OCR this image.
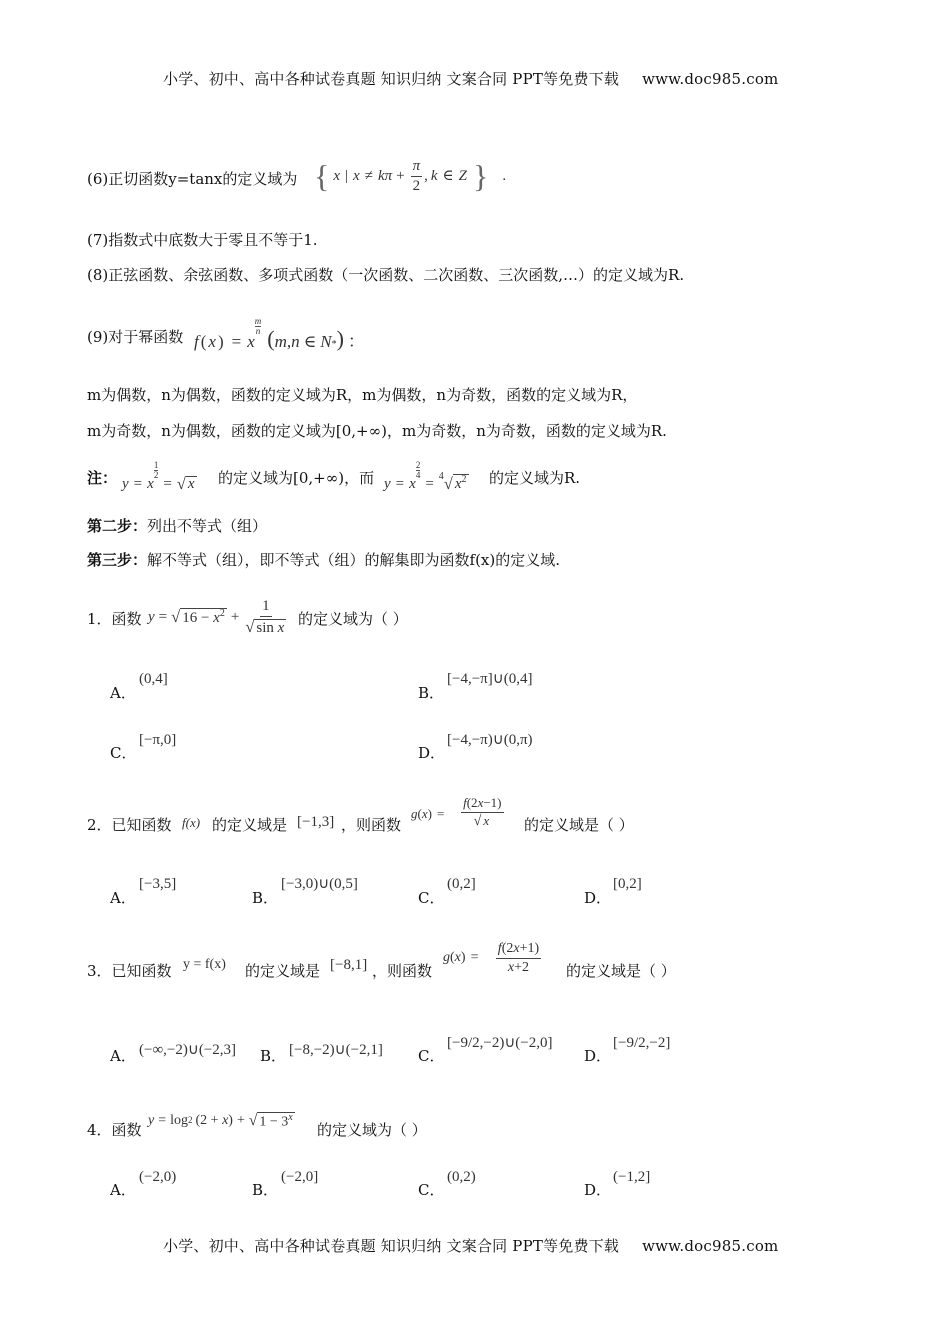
小学、初中、高中各种试卷真题 知识归纳 文案合同 PPT等免费下载 www.doc985.com
(6)正切函数y=tanx的定义域为 { x | $x \ne k\pi + \frac{\pi}{2}$ , k ∈ Z } .
(7)指数式中底数大于零且不等于1.
(8)正弦函数、余弦函数、多项式函数（一次函数、二次函数、三次函数,…）的定义域为R.
(9)对于幂函数 f ( x ) = x
m
n ( m , n ∈ $N_*$ ) ：
m为偶数，n为偶数，函数的定义域为R，m为偶数，n为奇数，函数的定义域为R，
m为奇数，n为偶数，函数的定义域为[0,+∞)，m为奇数，n为奇数，函数的定义域为R.
注： y = x
$\frac{1}{2}$
= √ x 的定义域为[0,+∞)，而 y = x
$\frac{2}{4}$
= $^4$ √ $x^2$ 的定义域为R.
第二步：列出不等式（组）
第三步：解不等式（组），即不等式（组）的解集即为函数f(x)的定义域.
1．函数 y = √ $16 - x^2 + \frac{1}{\text{√ sin x}}$ 的定义域为（ ）
A．
(0,4]
B．
[−4,−π]∪(0,4]
C．
[−π,0]
D．
[−4,−π)∪(0,π)
2．已知函数 f(x) 的定义域是 [−1,3] ，则函数
g ( x ) = $\frac{f(2x-1)}{√ x}$ 的定义域是（ ）
A．
[−3,5]
B．
[−3,0)∪(0,5]
C．
(0,2]
D．
[0,2]
3．已知函数 y = f(x) 的定义域是 [−8,1] ，则函数
g ( x ) = $\frac{f(2x+1)}{x+2}$ 的定义域是（ ）
A． (−∞,−2)∪(−2,3] B． [−8,−2)∪(−2,1] C．
[−9/2,−2)∪(−2,0]
D．
[−9/2,−2]
4．函数
y = log 2 (2 + x) + √ $1 - 3^x$
的定义域为（ ）
A．
(−2,0)
B．
(−2,0]
C．
(0,2)
D．
(−1,2]
小学、初中、高中各种试卷真题 知识归纳 文案合同 PPT等免费下载 www.doc985.com
